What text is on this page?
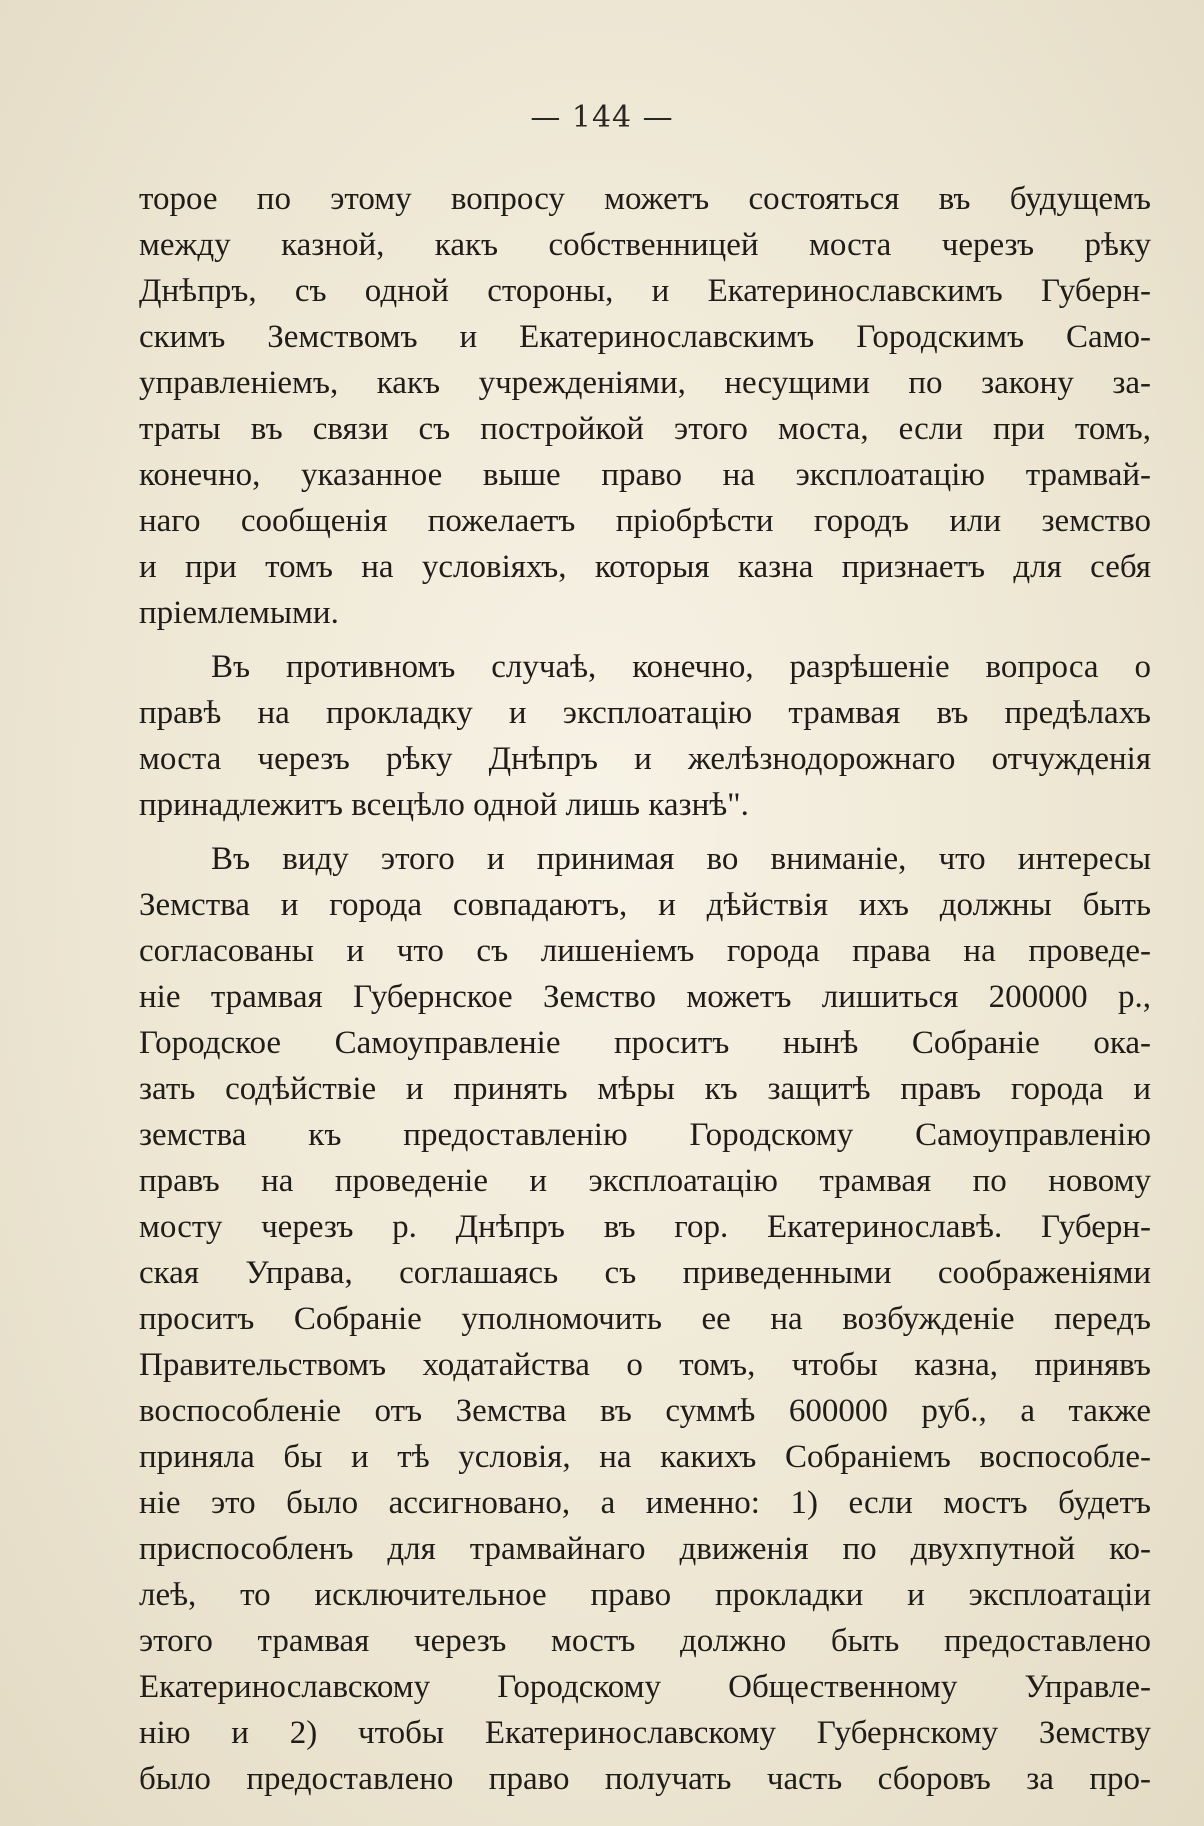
— 144 —
торое по этому вопросу можетъ состояться въ будущемъ
между казной, какъ собственницей моста черезъ рѣку
Днѣпръ, съ одной стороны, и Екатеринославскимъ Губерн-
скимъ Земствомъ и Екатеринославскимъ Городскимъ Само-
управленіемъ, какъ учрежденіями, несущими по закону за-
траты въ связи съ постройкой этого моста, если при томъ,
конечно, указанное выше право на эксплоатацію трамвай-
наго сообщенія пожелаетъ пріобрѣсти городъ или земство
и при томъ на условіяхъ, которыя казна признаетъ для себя
пріемлемыми.
Въ противномъ случаѣ, конечно, разрѣшеніе вопроса о
правѣ на прокладку и эксплоатацію трамвая въ предѣлахъ
моста черезъ рѣку Днѣпръ и желѣзнодорожнаго отчужденія
принадлежитъ всецѣло одной лишь казнѣ".
Въ виду этого и принимая во вниманіе, что интересы
Земства и города совпадаютъ, и дѣйствія ихъ должны быть
согласованы и что съ лишеніемъ города права на проведе-
ніе трамвая Губернское Земство можетъ лишиться 200000 р.,
Городское Самоуправленіе проситъ нынѣ Собраніе ока-
зать содѣйствіе и принять мѣры къ защитѣ правъ города и
земства къ предоставленію Городскому Самоуправленію
правъ на проведеніе и эксплоатацію трамвая по новому
мосту черезъ р. Днѣпръ въ гор. Екатеринославѣ. Губерн-
ская Управа, соглашаясь съ приведенными соображеніями
проситъ Собраніе уполномочить ее на возбужденіе передъ
Правительствомъ ходатайства о томъ, чтобы казна, принявъ
воспособленіе отъ Земства въ суммѣ 600000 руб., а также
приняла бы и тѣ условія, на какихъ Собраніемъ воспособле-
ніе это было ассигновано, а именно: 1) если мостъ будетъ
приспособленъ для трамвайнаго движенія по двухпутной ко-
леѣ, то исключительное право прокладки и эксплоатаціи
этого трамвая черезъ мостъ должно быть предоставлено
Екатеринославскому Городскому Общественному Управле-
нію и 2) чтобы Екатеринославскому Губернскому Земству
было предоставлено право получать часть сборовъ за про-
